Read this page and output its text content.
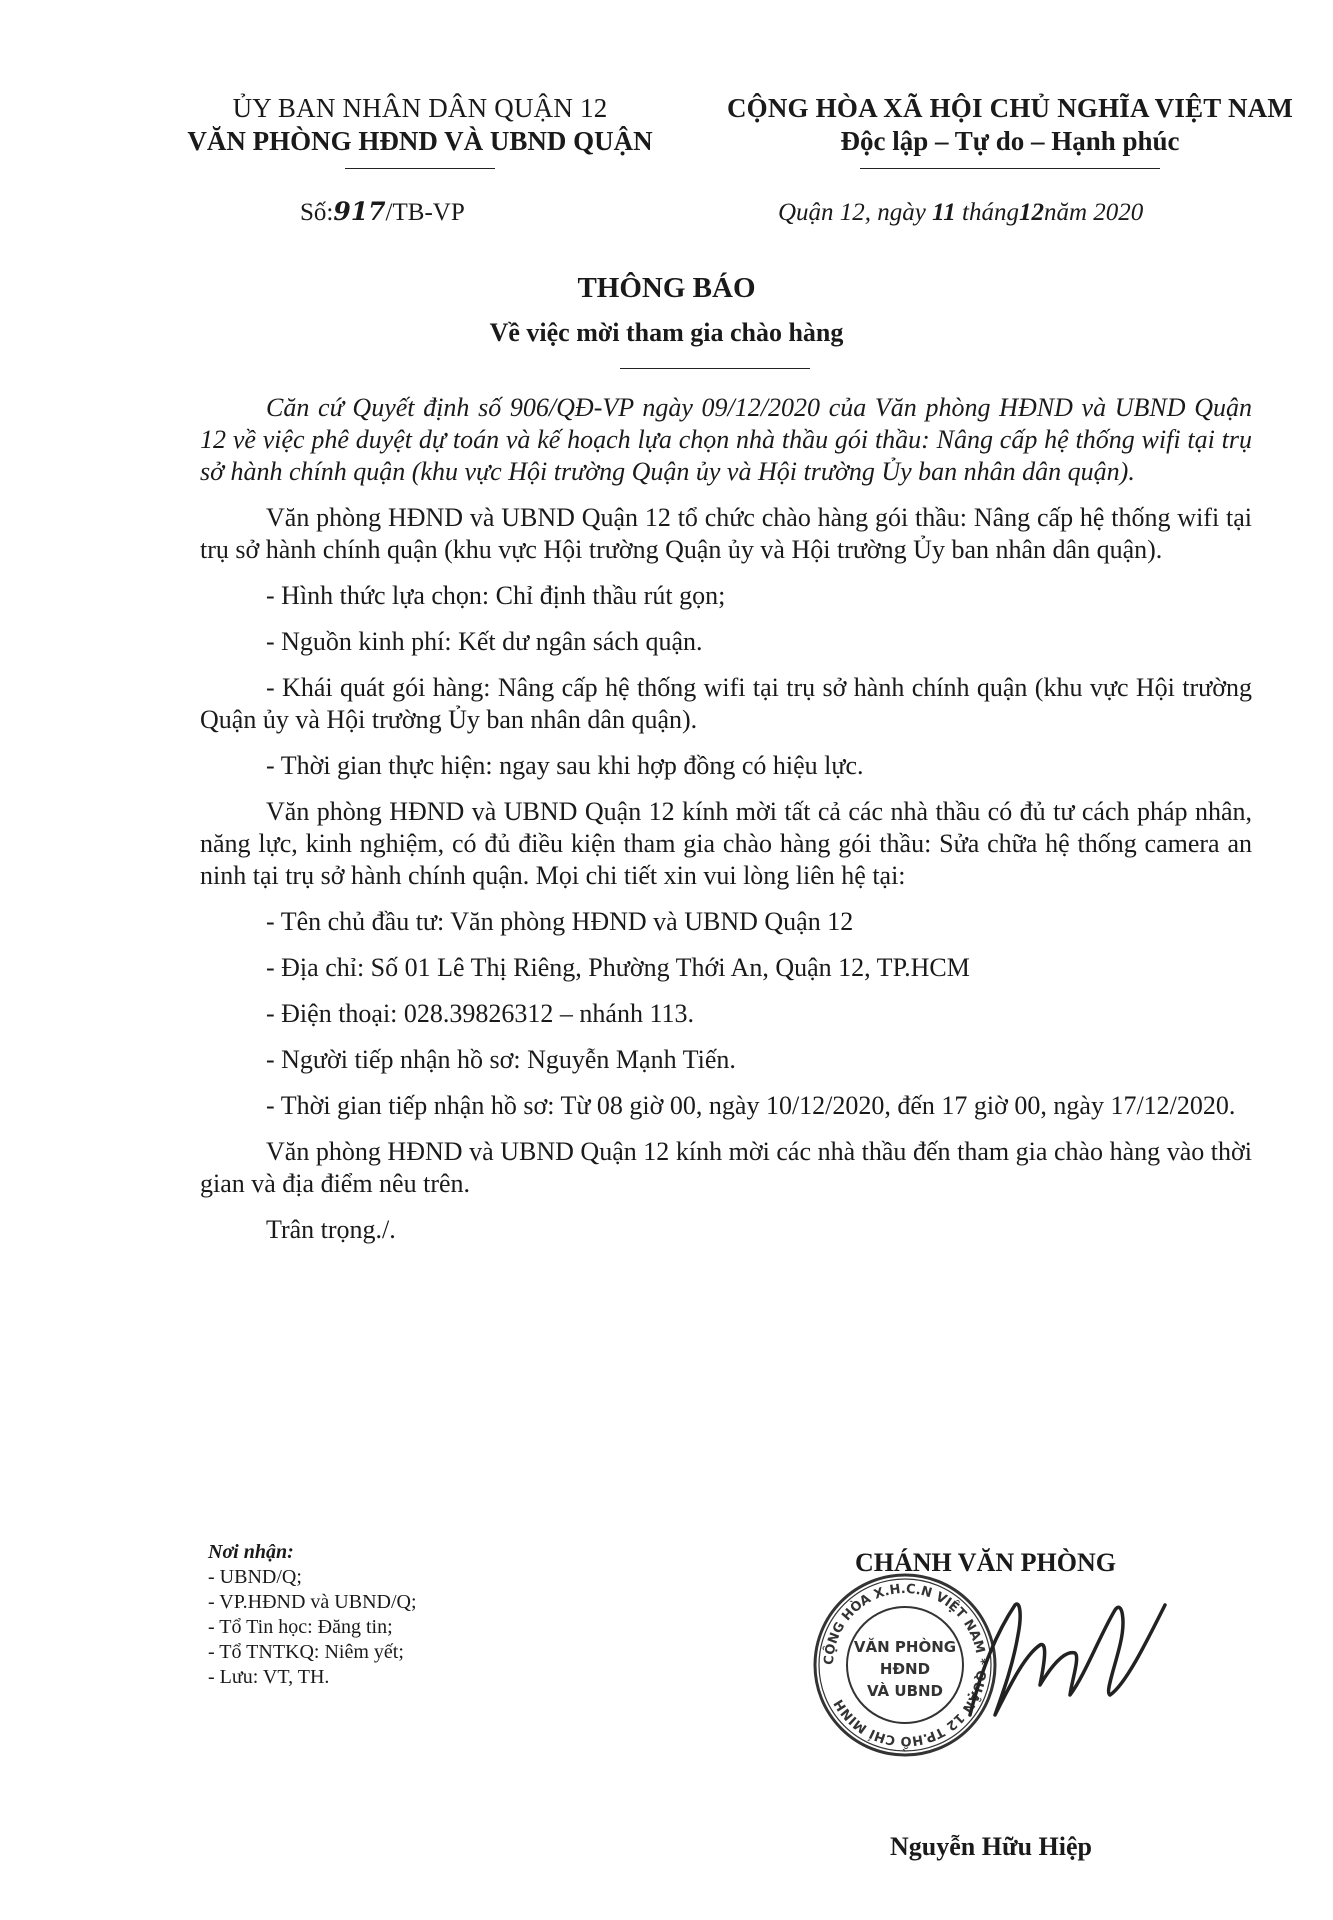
ỦY BAN NHÂN DÂN QUẬN 12
VĂN PHÒNG HĐND VÀ UBND QUẬN
CỘNG HÒA XÃ HỘI CHỦ NGHĨA VIỆT NAM
Độc lập – Tự do – Hạnh phúc
Số:917/TB-VP	Quận 12, ngày 11 tháng12năm 2020
THÔNG BÁO
Về việc mời tham gia chào hàng

Căn cứ Quyết định số 906/QĐ-VP ngày 09/12/2020 của Văn phòng HĐND và UBND Quận 12 về việc phê duyệt dự toán và kế hoạch lựa chọn nhà thầu gói thầu: Nâng cấp hệ thống wifi tại trụ sở hành chính quận (khu vực Hội trường Quận ủy và Hội trường Ủy ban nhân dân quận).

Văn phòng HĐND và UBND Quận 12 tổ chức chào hàng gói thầu: Nâng cấp hệ thống wifi tại trụ sở hành chính quận (khu vực Hội trường Quận ủy và Hội trường Ủy ban nhân dân quận).

- Hình thức lựa chọn: Chỉ định thầu rút gọn;

- Nguồn kinh phí: Kết dư ngân sách quận.

- Khái quát gói hàng: Nâng cấp hệ thống wifi tại trụ sở hành chính quận (khu vực Hội trường Quận ủy và Hội trường Ủy ban nhân dân quận).

- Thời gian thực hiện: ngay sau khi hợp đồng có hiệu lực.

Văn phòng HĐND và UBND Quận 12 kính mời tất cả các nhà thầu có đủ tư cách pháp nhân, năng lực, kinh nghiệm, có đủ điều kiện tham gia chào hàng gói thầu: Sửa chữa hệ thống camera an ninh tại trụ sở hành chính quận. Mọi chi tiết xin vui lòng liên hệ tại:

- Tên chủ đầu tư: Văn phòng HĐND và UBND Quận 12

- Địa chỉ: Số 01 Lê Thị Riêng, Phường Thới An, Quận 12, TP.HCM

- Điện thoại: 028.39826312 – nhánh 113.

- Người tiếp nhận hồ sơ: Nguyễn Mạnh Tiến.

- Thời gian tiếp nhận hồ sơ: Từ 08 giờ 00, ngày 10/12/2020, đến 17 giờ 00, ngày 17/12/2020.

Văn phòng HĐND và UBND Quận 12 kính mời các nhà thầu đến tham gia chào hàng vào thời gian và địa điểm nêu trên.

Trân trọng./.

Nơi nhận:
- UBND/Q;
- VP.HĐND và UBND/Q;
- Tổ Tin học: Đăng tin;
- Tổ TNTKQ: Niêm yết;
- Lưu: VT, TH.
CHÁNH VĂN PHÒNG
CỘNG HÒA X.H.C.N VIỆT NAM * QUẬN 12 TP.HỒ CHÍ MINH
VĂN PHÒNG
HĐND
VÀ UBND
Nguyễn Hữu Hiệp
